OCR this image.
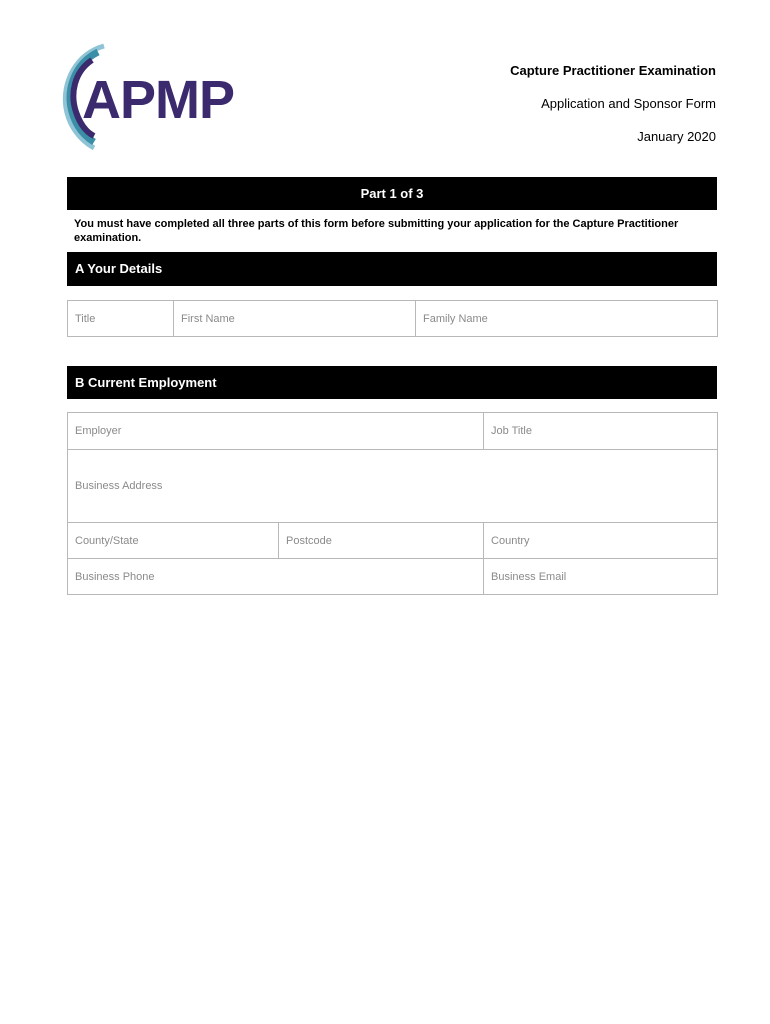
APMP	Capture Practitioner Examination
Application and Sponsor Form
January 2020
Part 1 of 3
You must have completed all three parts of this form before submitting your application for the Capture Practitioner examination.
A Your Details
Title	First Name	Family Name
B Current Employment
Employer		Job Title
Business Address		
County/State	Postcode	Country
Business Phone		Business Email
